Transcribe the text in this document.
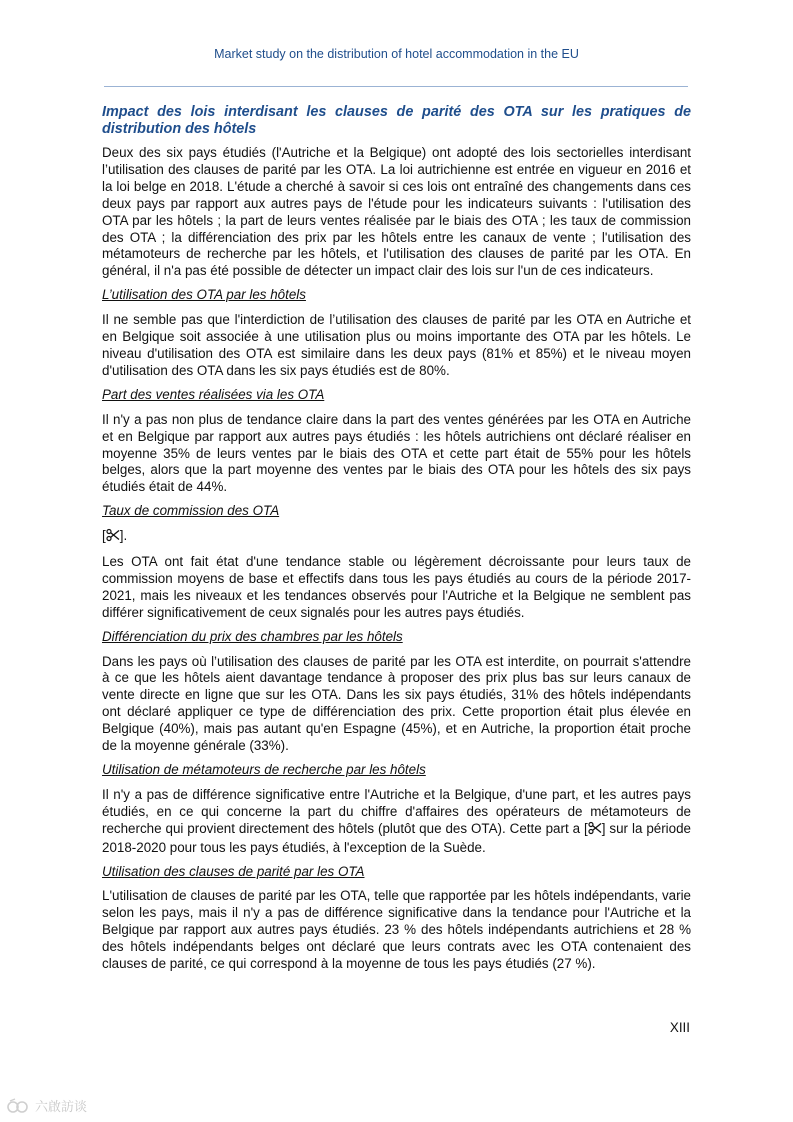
Market study on the distribution of hotel accommodation in the EU

Impact des lois interdisant les clauses de parité des OTA sur les pratiques de distribution des hôtels

Deux des six pays étudiés (l'Autriche et la Belgique) ont adopté des lois sectorielles interdisant l’utilisation des clauses de parité par les OTA. La loi autrichienne est entrée en vigueur en 2016 et la loi belge en 2018. L'étude a cherché à savoir si ces lois ont entraîné des changements dans ces deux pays par rapport aux autres pays de l'étude pour les indicateurs suivants : l'utilisation des OTA par les hôtels ; la part de leurs ventes réalisée par le biais des OTA ; les taux de commission des OTA ; la différenciation des prix par les hôtels entre les canaux de vente ; l'utilisation des métamoteurs de recherche par les hôtels, et l'utilisation des clauses de parité par les OTA. En général, il n'a pas été possible de détecter un impact clair des lois sur l'un de ces indicateurs.

L’utilisation des OTA par les hôtels

Il ne semble pas que l'interdiction de l’utilisation des clauses de parité par les OTA en Autriche et en Belgique soit associée à une utilisation plus ou moins importante des OTA par les hôtels. Le niveau d'utilisation des OTA est similaire dans les deux pays (81% et 85%) et le niveau moyen d'utilisation des OTA dans les six pays étudiés est de 80%.

Part des ventes réalisées via les OTA

Il n'y a pas non plus de tendance claire dans la part des ventes générées par les OTA en Autriche et en Belgique par rapport aux autres pays étudiés : les hôtels autrichiens ont déclaré réaliser en moyenne 35% de leurs ventes par le biais des OTA et cette part était de 55% pour les hôtels belges, alors que la part moyenne des ventes par le biais des OTA pour les hôtels des six pays étudiés était de 44%.

Taux de commission des OTA

[ ].

Les OTA ont fait état d'une tendance stable ou légèrement décroissante pour leurs taux de commission moyens de base et effectifs dans tous les pays étudiés au cours de la période 2017-2021, mais les niveaux et les tendances observés pour l'Autriche et la Belgique ne semblent pas différer significativement de ceux signalés pour les autres pays étudiés.

Différenciation du prix des chambres par les hôtels

Dans les pays où l’utilisation des clauses de parité par les OTA est interdite, on pourrait s'attendre à ce que les hôtels aient davantage tendance à proposer des prix plus bas sur leurs canaux de vente directe en ligne que sur les OTA. Dans les six pays étudiés, 31% des hôtels indépendants ont déclaré appliquer ce type de différenciation des prix. Cette proportion était plus élevée en Belgique (40%), mais pas autant qu'en Espagne (45%), et en Autriche, la proportion était proche de la moyenne générale (33%).

Utilisation de métamoteurs de recherche par les hôtels

Il n'y a pas de différence significative entre l'Autriche et la Belgique, d'une part, et les autres pays étudiés, en ce qui concerne la part du chiffre d'affaires des opérateurs de métamoteurs de recherche qui provient directement des hôtels (plutôt que des OTA). Cette part a [ ] sur la période 2018-2020 pour tous les pays étudiés, à l'exception de la Suède.

Utilisation des clauses de parité par les OTA

L'utilisation de clauses de parité par les OTA, telle que rapportée par les hôtels indépendants, varie selon les pays, mais il n'y a pas de différence significative dans la tendance pour l'Autriche et la Belgique par rapport aux autres pays étudiés. 23 % des hôtels indépendants autrichiens et 28 % des hôtels indépendants belges ont déclaré que leurs contrats avec les OTA contenaient des clauses de parité, ce qui correspond à la moyenne de tous les pays étudiés (27 %).

XIII
六啟訪谈
